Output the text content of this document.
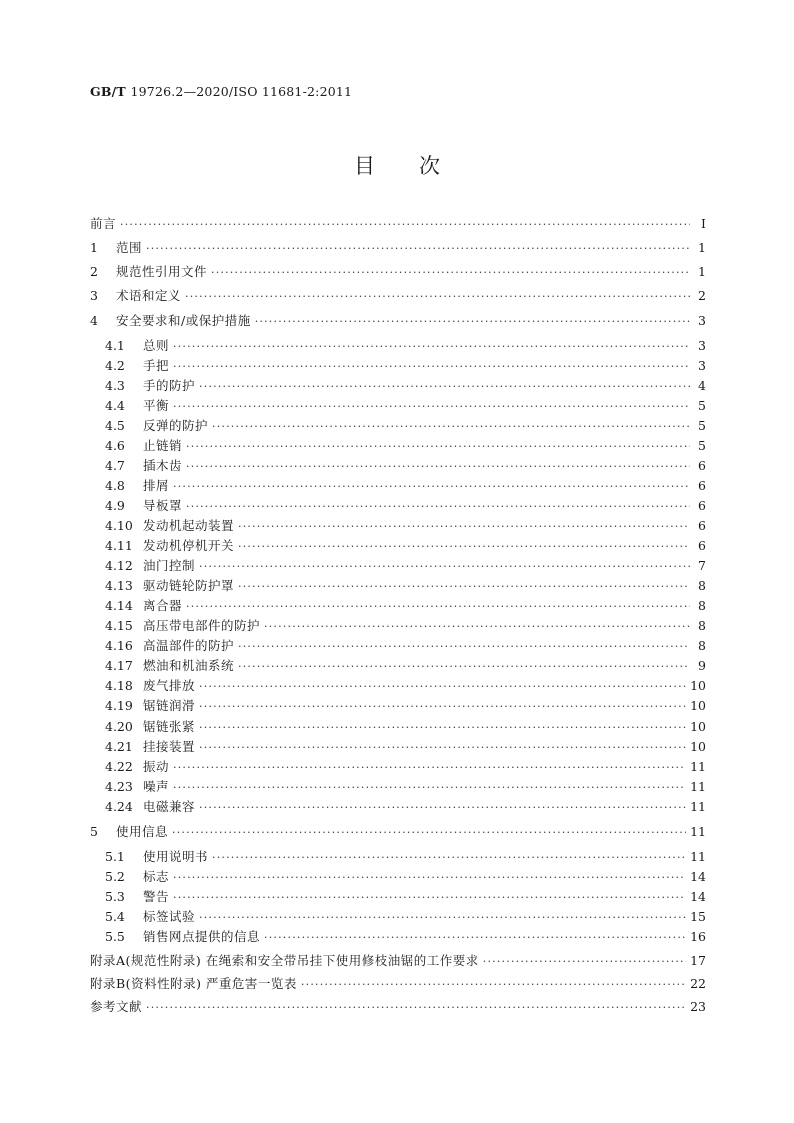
GB/T 19726.2—2020/ISO 11681-2:2011
目次
前言 ·····	Ⅰ
1	范围 ·····	1
2	规范性引用文件 ·····	1
3	术语和定义 ·····	2
4	安全要求和/或保护措施 ·····	3
4.1	总则 ·····	3
4.2	手把 ·····	3
4.3	手的防护 ·····	4
4.4	平衡 ·····	5
4.5	反弹的防护 ·····	5
4.6	止链销 ·····	5
4.7	插木齿 ·····	6
4.8	排屑 ·····	6
4.9	导板罩 ·····	6
4.10 发动机起动装置 ·····	6
4.11 发动机停机开关 ·····	6
4.12 油门控制 ·····	7
4.13 驱动链轮防护罩 ·····	8
4.14 离合器 ·····	8
4.15 高压带电部件的防护 ·····	8
4.16 高温部件的防护 ·····	8
4.17 燃油和机油系统 ·····	9
4.18 废气排放 ·····	10
4.19 锯链润滑 ·····	10
4.20 锯链张紧 ·····	10
4.21 挂接装置 ·····	10
4.22 振动 ·····	11
4.23 噪声 ·····	11
4.24 电磁兼容 ·····	11
5	使用信息 ·····	11
5.1	使用说明书 ·····	11
5.2	标志 ·····	14
5.3	警告 ·····	14
5.4	标签试验 ·····	15
5.5	销售网点提供的信息 ·····	16
附录A(规范性附录) 在绳索和安全带吊挂下使用修枝油锯的工作要求 ·····	17
附录B(资料性附录) 严重危害一览表 ·····	22
参考文献 ·····	23
